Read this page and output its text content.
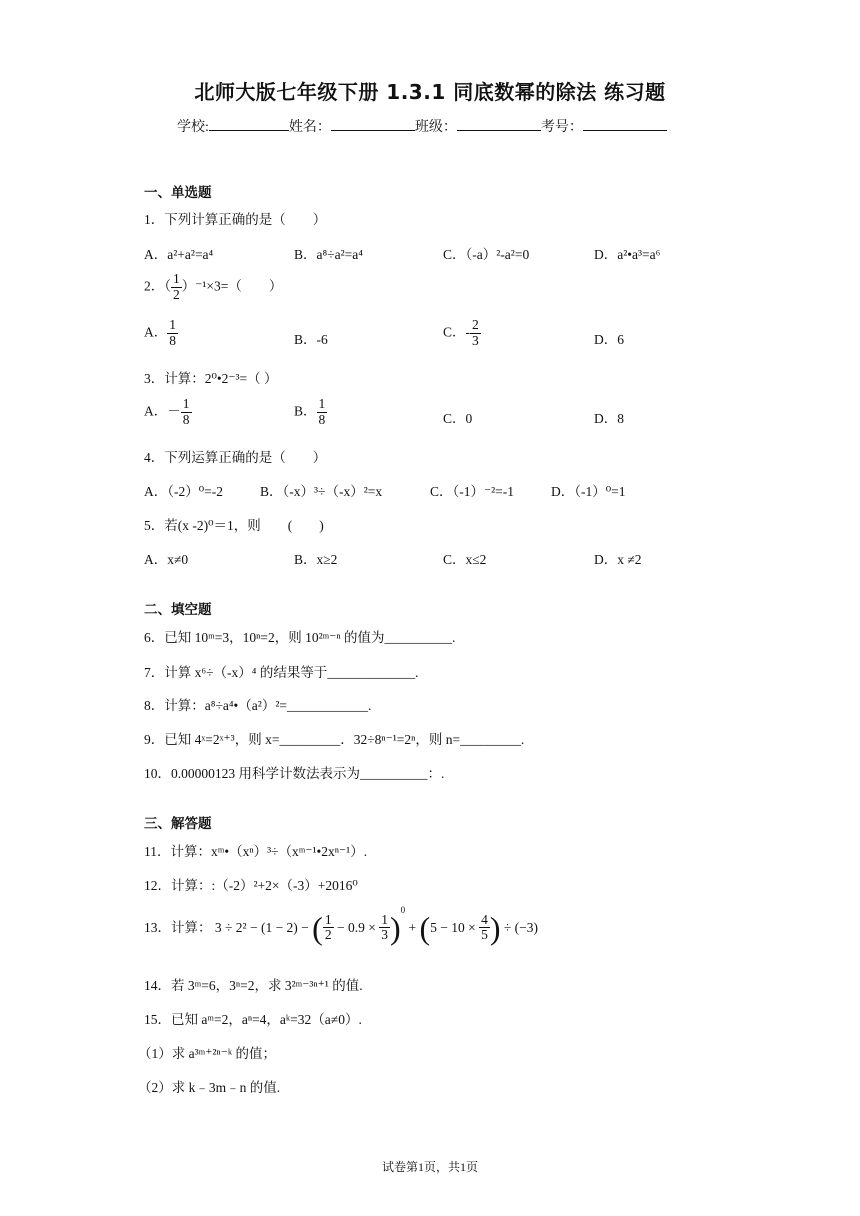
北师大版七年级下册 1.3.1 同底数幂的除法 练习题
学校:	姓名：	班级：	考号：
一、单选题
1．下列计算正确的是（　　）
A．a²+a²=a⁴	B．a⁸÷a²=a⁴	C．（-a）²-a²=0	D．a²•a³=a⁶
2．（ $\frac{1}{2} )^{-1}\times 3=$（　　）
A． $\frac{1}{8}$	B．-6
C．- $\frac{2}{3}$	D．6
3．计算：2⁰•2⁻³=（ ）
A．－ $\frac{1}{8}$	B． $\frac{1}{8}$	C．0	D．8
4．下列运算正确的是（　　）
A．（-2）⁰=-2	B．（-x）³÷（-x）²=x	C．（-1）⁻²=-1	D．（-1）⁰=1
5．若(x -2)⁰＝1，则　　(　　)
A．x≠0	B．x≥2	C．x≤2	D．x ≠2
二、填空题
6．已知 10ᵐ=3，10ⁿ=2，则 10²ᵐ⁻ⁿ 的值为__________.
7．计算 x⁶÷（-x）⁴ 的结果等于_____________.
8．计算：a⁸÷a⁴•（a²）²=____________.
9．已知 4ˣ=2ˣ⁺³，则 x=_________．32÷8ⁿ⁻¹=2ⁿ，则 n=_________.
10．0.00000123 用科学计数法表示为__________：.
三、解答题
11．计算：xᵐ•（xⁿ）³÷（xᵐ⁻¹•2xⁿ⁻¹）.
12．计算：:（-2）²+2×（-3）+2016⁰
13．计算： 3 ÷ 2² − (1 − 2) − ( $\frac{1}{2} - 0.9 \times \frac{1}{3} )^0 + (5 - 10 \times \frac{4}{5}$ ) ÷ (−3)
14．若 3ᵐ=6，3ⁿ=2，求 3²ᵐ⁻³ⁿ⁺¹ 的值.
15．已知 aᵐ=2，aⁿ=4，aᵏ=32（a≠0）.
（1）求 a³ᵐ⁺²ⁿ⁻ᵏ 的值；
（2）求 k﹣3m﹣n 的值.
试卷第1页，共1页
